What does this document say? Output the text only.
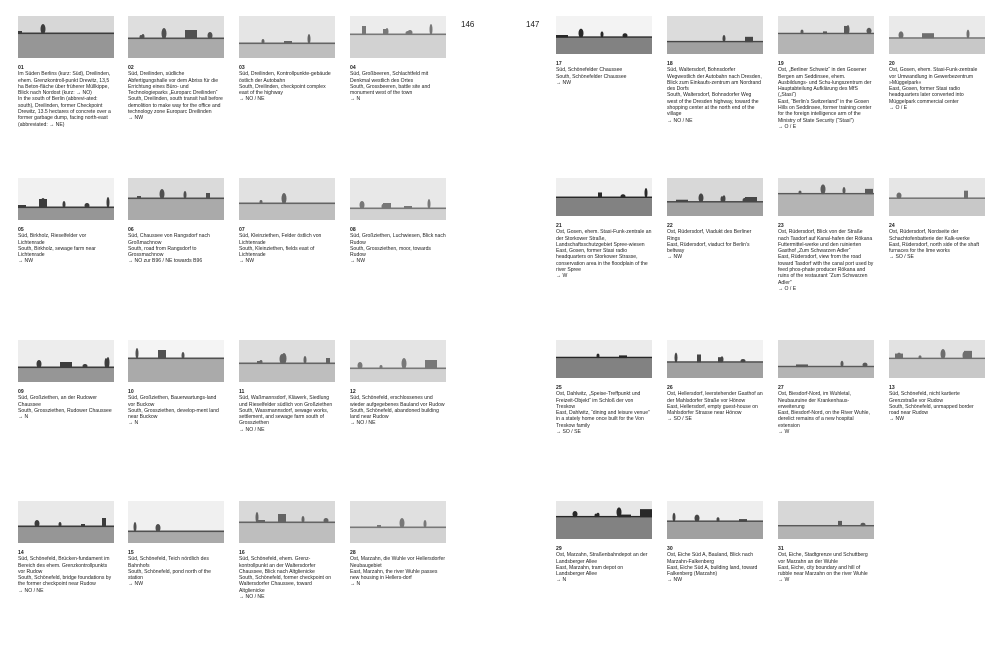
146	147
01
Im Süden Berlins (kurz: Süd), Dreilinden, ehem. Grenzkontroll-punkt Drewitz, 13,5 ha Beton-fläche über früherer Müllkippe, Blick nach Nordost (kurz: → NO)
In the south of Berlin (abbrevi-ated: south), Dreilinden, former Checkpoint Drewitz, 13.5 hectares of concrete over a former garbage dump, facing north-east (abbreviated: → NE)
02
Süd, Dreilinden, südliche Abfertigungshalle vor dem Abriss für die Errichtung eines Büro- und Technologieparks „Europarc Dreilinden“
South, Dreilinden, south transit hall before demolition to make way for the office and technology zone Europarc Dreilinden
→ NW
03
Süd, Dreilinden, Kontrollpunkte-gebäude östlich der Autobahn
South, Dreilinden, checkpoint complex east of the highway
→ NO / NE
04
Süd, Großbeeren, Schlachtfeld mit Denkmal westlich des Ortes
South, Grossbeeren, battle site and monument west of the town
→ N
17
Süd, Schönefelder Chaussee
South, Schönefelder Chaussee
→ NW
18
Süd, Waltersdorf, Bohnsdorfer Wegwestlich der Autobahn nach Dresden, Blick zum Einkaufs-zentrum am Nordrand des Dorfs
South, Waltersdorf, Bohnsdorfer Weg west of the Dresden highway, toward the shopping center at the north end of the village
→ NO / NE
19
Ost, „Berliner Schweiz“ in den Gosener Bergen am Seddinsee, ehem. Ausbildungs- und Schu-lungszentrum der Hauptabteilung Aufklärung des MfS („Stasi“)
East, “Berlin’s Switzerland” in the Gosen Hills on Seddinsee, former training center for the foreign intelligence arm of the Ministry of State Security (“Stasi”)
→ O / E
20
Ost, Gosen, ehem. Stasi-Funk-zentrale vor Umwandlung in Gewerbezentrum »Müggelpark«
East, Gosen, former Stasi radio headquarters later converted into Müggelpark commercial center
→ O / E
05
Süd, Birkholz, Rieselfelder vor Lichtenrade
South, Birkholz, sewage farm near Lichtenrade
→ NW
06
Süd, Chaussee von Rangsdorf nach Großmachnow
South, road from Rangsdorf to Grossmachnow
→ NO zur B96 / NE towards B96
07
Süd, Kleinziethen, Felder östlich von Lichtenrade
South, Kleinziethen, fields east of Lichtenrade
→ NW
08
Süd, Großziethen, Luchwiesen, Blick nach Rudow
South, Grossziethen, moor, towards Rudow
→ NW
21
Ost, Gosen, ehem. Stasi-Funk-zentrale an der Storkower Straße, Landschaftsschutzgebiet Spree-wiesen
East, Gosen, former Stasi radio headquarters on Storkower Strasse, conservation area in the floodplain of the river Spree
→ W
22
Ost, Rüdersdorf, Viadukt des Berliner Rings
East, Rüdersdorf, viaduct for Berlin’s beltway
→ NW
23
Ost, Rüdersdorf, Blick von der Straße nach Tasdorf auf Kanal-hafen der Rökana Futtermittel-werke und den ruinierten Gasthof „Zum Schwarzen Adler“
East, Rüdersdorf, view from the road toward Tasdorf with the canal port used by feed phos-phate producer Rökana and ruins of the restaurant “Zum Schwarzen Adler”
→ O / E
24
Ost, Rüdersdorf, Nordseite der Schachtofenbatterie der Kalk-werke
East, Rüdersdorf, north side of the shaft furnaces for the lime works
→ SO / SE
09
Süd, Großziethen, an der Rudower Chaussee
South, Grossziethen, Rudower Chaussee
→ N
10
Süd, Großziethen, Bauerwartungs-land vor Buckow
South, Grossziethen, develop-ment land near Buckow
→ N
11
Süd, Waßmannsdorf, Kläwerk, Siedlung und Rieselfelder südlich von Großziethen
South, Wassmannsdorf, sewage works, settlement, and sewage farm south of Grossziethen
→ NO / NE
12
Süd, Schönefeld, erschlossenes und wieder aufgegebenes Bauland vor Rudow
South, Schönefeld, abandoned building land near Rudow
→ NO / NE
25
Ost, Dahlwitz, „Speise-Treffpunkt und Freizeit-Objekt“ im Schloß der von Treskow
East, Dahlwitz, “dining and leisure venue” in a stately home once built for the Von Treskow family
→ SO / SE
26
Ost, Hellersdorf, leerstehender Gasthof an der Mahlsdorfer Straße vor Hönow
East, Hellersdorf, empty guest-house on Mahlsdorfer Strasse near Hönow
→ SO / SE
27
Ost, Biesdorf-Nord, im Wuhletal, Neubauruine der Krankenhaus-erweiterung
East, Biesdorf-Nord, on the River Wuhle, derelict remains of a new hospital extension
→ W
13
Süd, Schönefeld, nicht kartierte Grenzstraße vor Rudow
South, Schönefeld, unmapped border road near Rudow
→ NW
14
Süd, Schönefeld, Brücken-fundament im Bereich des ehem. Grenzkontrollpunkts vor Rudow
South, Schönefeld, bridge foundations by the former checkpoint near Rudow
→ NO / NE
15
Süd, Schönefeld, Teich nördlich des Bahnhofs
South, Schönefeld, pond north of the station
→ NW
16
Süd, Schönefeld, ehem. Grenz-kontrollpunkt an der Waltersdorfer Chaussee, Blick nach Altglienicke
South, Schönefeld, former checkpoint on Waltersdorfer Chaussee, toward Altglienicke
→ NO / NE
28
Ost, Marzahn, die Wuhle vor Hellersdorfer Neubaugebiet
East, Marzahn, the river Wuhle passes new housing in Hellers-dorf
→ N
29
Ost, Marzahn, Straßenbahndepot an der Landsberger Allee
East, Marzahn, tram depot on Landsberger Allee
→ N
30
Ost, Eiche Süd A, Bauland, Blick nach Marzahn-Falkenberg
East, Eiche Süd A, building land, toward Falkenberg (Marzahn)
→ NW
31
Ost, Eiche, Stadtgrenze und Schuttberg vor Marzahn an der Wuhle
East, Eiche, city boundary and hill of rubble near Marzahn on the river Wuhle
→ W
